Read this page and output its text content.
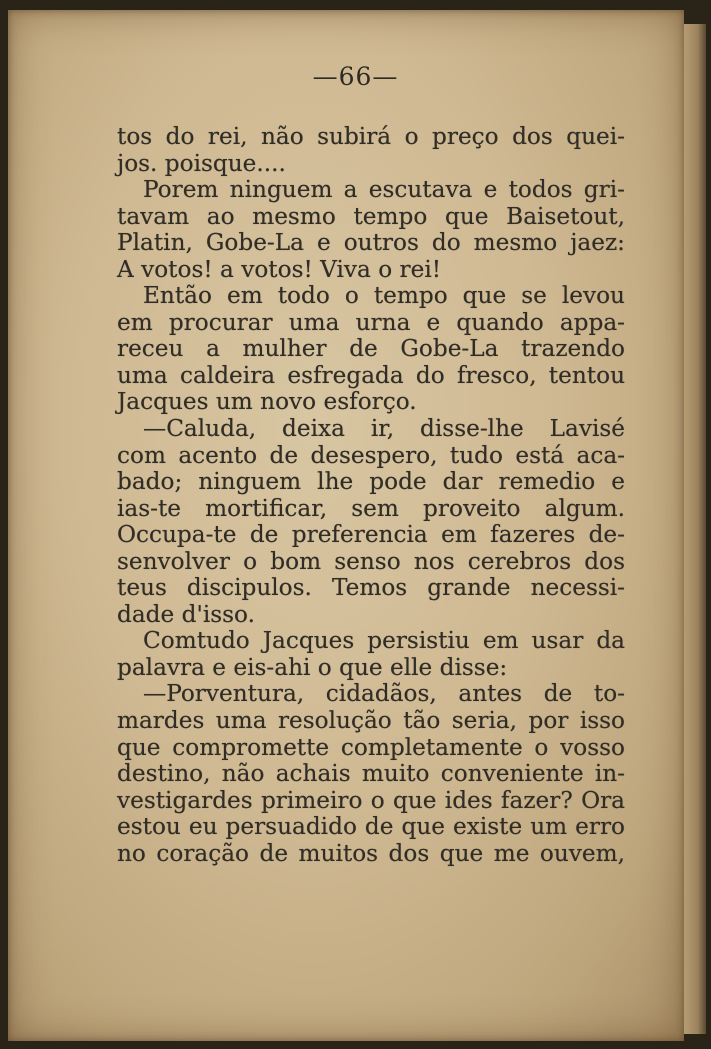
—66—
tos do rei, não subirá o preço dos quei-
jos. poisque....
Porem ninguem a escutava e todos gri-
tavam ao mesmo tempo que Baisetout,
Platin, Gobe-La e outros do mesmo jaez:
A votos! a votos! Viva o rei!
Então em todo o tempo que se levou
em procurar uma urna e quando appa-
receu a mulher de Gobe-La trazendo
uma caldeira esfregada do fresco, tentou
Jacques um novo esforço.
—Caluda, deixa ir, disse-lhe Lavisé
com acento de desespero, tudo está aca-
bado; ninguem lhe pode dar remedio e
ias-te mortificar, sem proveito algum.
Occupa-te de preferencia em fazeres de-
senvolver o bom senso nos cerebros dos
teus discipulos. Temos grande necessi-
dade d'isso.
Comtudo Jacques persistiu em usar da
palavra e eis-ahi o que elle disse:
—Porventura, cidadãos, antes de to-
mardes uma resolução tão seria, por isso
que compromette completamente o vosso
destino, não achais muito conveniente in-
vestigardes primeiro o que ides fazer? Ora
estou eu persuadido de que existe um erro
no coração de muitos dos que me ouvem,
